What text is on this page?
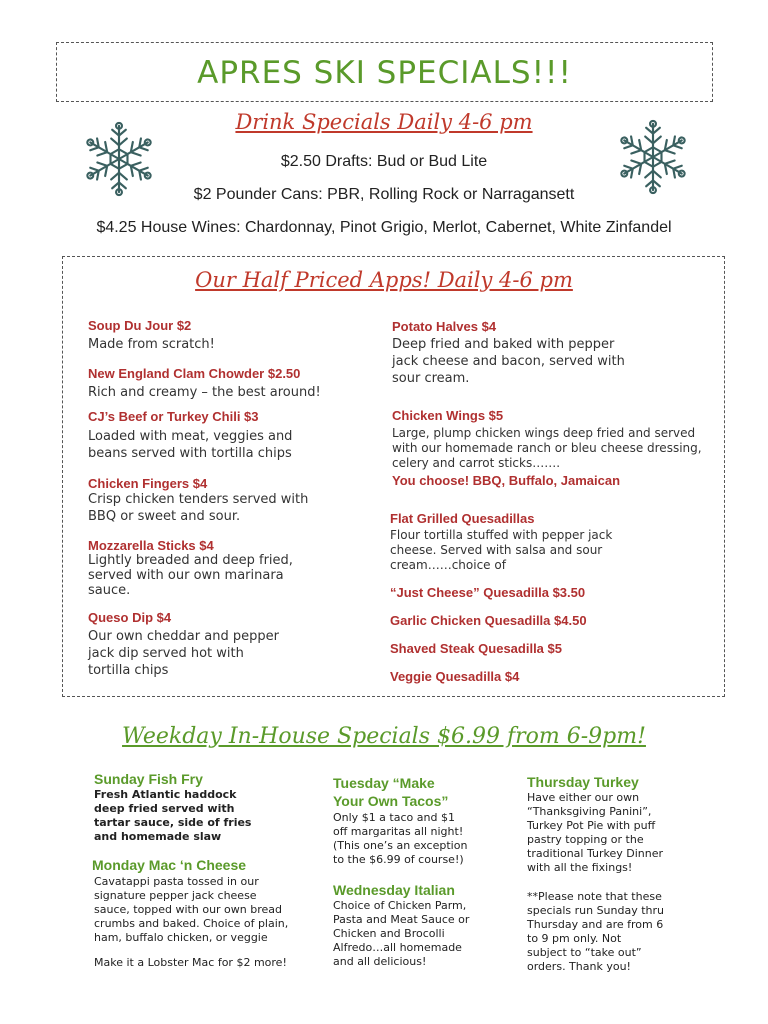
APRES SKI SPECIALS!!!
Drink Specials Daily 4-6 pm
$2.50 Drafts: Bud or Bud Lite
$2 Pounder Cans: PBR, Rolling Rock or Narragansett
$4.25 House Wines: Chardonnay, Pinot Grigio, Merlot, Cabernet, White Zinfandel
Our Half Priced Apps! Daily 4-6 pm
Soup Du Jour $2
Made from scratch!
New England Clam Chowder $2.50
Rich and creamy – the best around!
CJ’s Beef or Turkey Chili $3
Loaded with meat, veggies and
beans served with tortilla chips
Chicken Fingers $4
Crisp chicken tenders served with
BBQ or sweet and sour.
Mozzarella Sticks $4
Lightly breaded and deep fried,
served with our own marinara
sauce.
Queso Dip $4
Our own cheddar and pepper
jack dip served hot with
tortilla chips
Potato Halves $4
Deep fried and baked with pepper
jack cheese and bacon, served with
sour cream.
Chicken Wings $5
Large, plump chicken wings deep fried and served
with our homemade ranch or bleu cheese dressing,
celery and carrot sticks…….
You choose! BBQ, Buffalo, Jamaican
Flat Grilled Quesadillas
Flour tortilla stuffed with pepper jack
cheese. Served with salsa and sour
cream……choice of
“Just Cheese” Quesadilla $3.50
Garlic Chicken Quesadilla $4.50
Shaved Steak Quesadilla $5
Veggie Quesadilla $4
Weekday In-House Specials $6.99 from 6-9pm!
Sunday Fish Fry
Fresh Atlantic haddock
deep fried served with
tartar sauce, side of fries
and homemade slaw
Monday Mac ‘n Cheese
Cavatappi pasta tossed in our
signature pepper jack cheese
sauce, topped with our own bread
crumbs and baked. Choice of plain,
ham, buffalo chicken, or veggie
Make it a Lobster Mac for $2 more!
Tuesday “Make
Your Own Tacos”
Only $1 a taco and $1
off margaritas all night!
(This one’s an exception
to the $6.99 of course!)
Wednesday Italian
Choice of Chicken Parm,
Pasta and Meat Sauce or
Chicken and Brocolli
Alfredo…all homemade
and all delicious!
Thursday Turkey
Have either our own
“Thanksgiving Panini”,
Turkey Pot Pie with puff
pastry topping or the
traditional Turkey Dinner
with all the fixings!
**Please note that these
specials run Sunday thru
Thursday and are from 6
to 9 pm only. Not
subject to “take out”
orders. Thank you!
